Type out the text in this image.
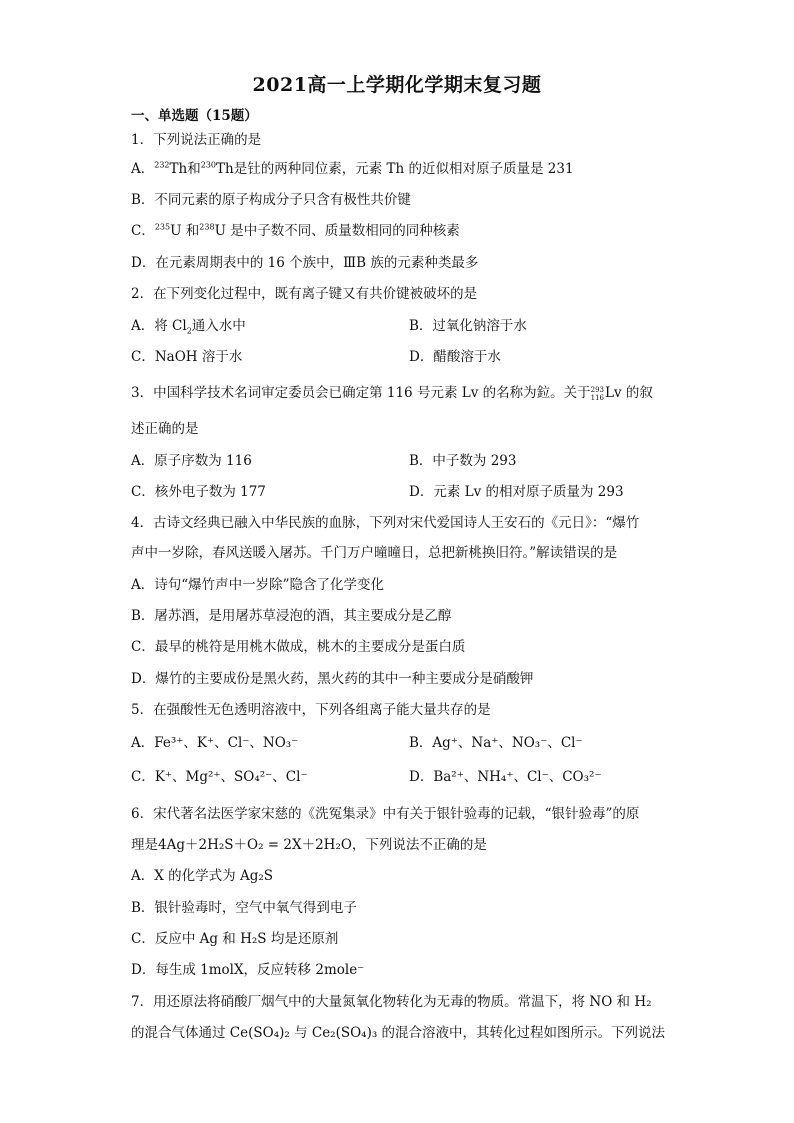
2021高一上学期化学期末复习题
一、单选题（15题）
1．下列说法正确的是
A．$^{232}$Th和$^{230}$Th是钍的两种同位素，元素 Th 的近似相对原子质量是 231
B．不同元素的原子构成分子只含有极性共价键
C．$^{235}$U 和$^{238}$U 是中子数不同、质量数相同的同种核素
D．在元素周期表中的 16 个族中，ⅢB 族的元素种类最多
2．在下列变化过程中，既有离子键又有共价键被破坏的是
A．将 $Cl_2$通入水中	B．过氧化钠溶于水
C．NaOH 溶于水	D．醋酸溶于水
3．中国科学技术名词审定委员会已确定第 116 号元素 Lv 的名称为鉝。关于 293
116 Lv 的叙
述正确的是
A．原子序数为 116	B．中子数为 293
C．核外电子数为 177	D．元素 Lv 的相对原子质量为 293
4．古诗文经典已融入中华民族的血脉，下列对宋代爱国诗人王安石的《元日》：“爆竹
声中一岁除，春风送暖入屠苏。千门万户曈曈日，总把新桃换旧符。”解读错误的是
A．诗句“爆竹声中一岁除”隐含了化学变化
B．屠苏酒，是用屠苏草浸泡的酒，其主要成分是乙醇
C．最早的桃符是用桃木做成，桃木的主要成分是蛋白质
D．爆竹的主要成份是黑火药，黑火药的其中一种主要成分是硝酸钾
5．在强酸性无色透明溶液中，下列各组离子能大量共存的是
A．Fe³⁺、K⁺、Cl⁻、NO₃⁻	B．Ag⁺、Na⁺、NO₃⁻、Cl⁻
C．K⁺、Mg²⁺、SO₄²⁻、Cl⁻	D．Ba²⁺、NH₄⁺、Cl⁻、CO₃²⁻
6．宋代著名法医学家宋慈的《洗冤集录》中有关于银针验毒的记载，“银针验毒”的原
理是4Ag＋2H₂S＋O₂ = 2X＋2H₂O，下列说法不正确的是
A．X 的化学式为 Ag₂S
B．银针验毒时，空气中氧气得到电子
C．反应中 Ag 和 H₂S 均是还原剂
D．每生成 1molX，反应转移 2mole⁻
7．用还原法将硝酸厂烟气中的大量氮氧化物转化为无毒的物质。常温下，将 NO 和 H₂
的混合气体通过 Ce(SO₄)₂ 与 Ce₂(SO₄)₃ 的混合溶液中，其转化过程如图所示。下列说法
